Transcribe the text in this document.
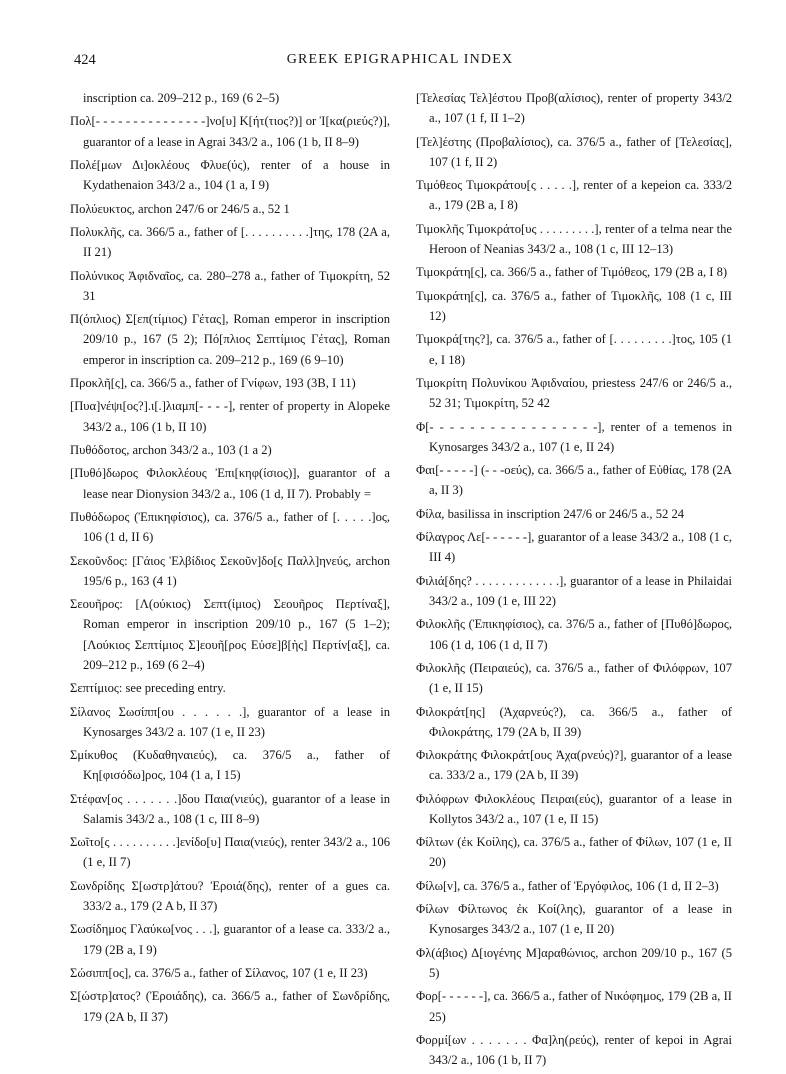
424	GREEK EPIGRAPHICAL INDEX

inscription ca. 209–212 p., 169 (6 2–5)

Πολ[- - - - - - - - - - - - - - -]νο[υ] Κ[ήτ(τιος?)] or Ἰ[κα(ριεύς?)], guarantor of a lease in Agrai 343/2 a., 106 (1 b, II 8–9)

Πολέ[μων Δι]οκλέους Φλυε(ύς), renter of a house in Kydathenaion 343/2 a., 104 (1 a, I 9)

Πολύευκτος, archon 247/6 or 246/5 a., 52 1

Πολυκλῆς, ca. 366/5 a., father of [. . . . . . . . . .]της, 178 (2A a, II 21)

Πολύνικος Ἀφιδναῖος, ca. 280–278 a., father of Τιμοκρίτη, 52 31

Π(όπλιος) Σ[επ(τίμιος) Γέτας], Roman emperor in inscription 209/10 p., 167 (5 2); Πό[πλιος Σεπτίμιος Γέτας], Roman emperor in inscription ca. 209–212 p., 169 (6 9–10)

Προκλῆ[ς], ca. 366/5 a., father of Γνίφων, 193 (3B, I 11)

[Πυα]νέψι[ος?].ι[.]λιαμπ[- - - -], renter of property in Alopeke 343/2 a., 106 (1 b, II 10)

Πυθόδοτος, archon 343/2 a., 103 (1 a 2)

[Πυθό]δωρος Φιλοκλέους Ἐπι[κηφ(ίσιος)], guarantor of a lease near Dionysion 343/2 a., 106 (1 d, II 7). Probably =

Πυθόδωρος (Ἐπικηφίσιος), ca. 376/5 a., father of [. . . . .]ος, 106 (1 d, II 6)

Σεκοῦνδος: [Γάιος Ἑλβίδιος Σεκοῦν]δο[ς Παλλ]ηνεύς, archon 195/6 p., 163 (4 1)

Σεουῆρος: [Λ(ούκιος) Σεπτ(ίμιος) Σεουῆρος Περτίναξ], Roman emperor in inscription 209/10 p., 167 (5 1–2); [Λούκιος Σεπτίμιος Σ]εουῆ[ρος Εὐσε]β[ὴς] Περτίν[αξ], ca. 209–212 p., 169 (6 2–4)

Σεπτίμιος: see preceding entry.

Σίλανος Σωσίππ[ου . . . . . .], guarantor of a lease in Kynosarges 343/2 a. 107 (1 e, II 23)

Σμίκυθος (Κυδαθηναιεύς), ca. 376/5 a., father of Κη[φισόδω]ρος, 104 (1 a, I 15)

Στέφαν[ος . . . . . . .]δου Παια(νιεύς), guarantor of a lease in Salamis 343/2 a., 108 (1 c, III 8–9)

Σωῖτο[ς . . . . . . . . . .]ενίδο[υ] Παια(νιεύς), renter 343/2 a., 106 (1 e, II 7)

Σωνδρίδης Σ[ωστρ]άτου? Ἐροιά(δης), renter of a gues ca. 333/2 a., 179 (2 A b, II 37)

Σωσίδημος Γλαύκω[νος . . .], guarantor of a lease ca. 333/2 a., 179 (2B a, I 9)

Σώσιππ[ος], ca. 376/5 a., father of Σίλανος, 107 (1 e, II 23)

Σ[ώστρ]ατος? (Ἐροιάδης), ca. 366/5 a., father of Σωνδρίδης, 179 (2A b, II 37)

[Τελεσίας Τελ]έστου Προβ(αλίσιος), renter of property 343/2 a., 107 (1 f, II 1–2)

[Τελ]έστης (Προβαλίσιος), ca. 376/5 a., father of [Τελεσίας], 107 (1 f, II 2)

Τιμόθεος Τιμοκράτου[ς . . . . .], renter of a kepeion ca. 333/2 a., 179 (2B a, I 8)

Τιμοκλῆς Τιμοκράτο[υς . . . . . . . . .], renter of a telma near the Heroon of Neanias 343/2 a., 108 (1 c, III 12–13)

Τιμοκράτη[ς], ca. 366/5 a., father of Τιμόθεος, 179 (2B a, I 8)

Τιμοκράτη[ς], ca. 376/5 a., father of Τιμοκλῆς, 108 (1 c, III 12)

Τιμοκρά[της?], ca. 376/5 a., father of [. . . . . . . . .]τος, 105 (1 e, I 18)

Τιμοκρίτη Πολυνίκου Ἀφιδναίου, priestess 247/6 or 246/5 a., 52 31; Τιμοκρίτη, 52 42

Φ[- - - - - - - - - - - - - - - - -], renter of a temenos in Kynosarges 343/2 a., 107 (1 e, II 24)

Φαι[- - - - -] (- - -οεύς), ca. 366/5 a., father of Εὐθίας, 178 (2A a, II 3)

Φίλα, basilissa in inscription 247/6 or 246/5 a., 52 24

Φίλαγρος Λε[- - - - - -], guarantor of a lease 343/2 a., 108 (1 c, III 4)

Φιλιά[δης? . . . . . . . . . . . . .], guarantor of a lease in Philaidai 343/2 a., 109 (1 e, III 22)

Φιλοκλῆς (Ἐπικηφίσιος), ca. 376/5 a., father of [Πυθό]δωρος, 106 (1 d, 106 (1 d, II 7)

Φιλοκλῆς (Πειραιεύς), ca. 376/5 a., father of Φιλόφρων, 107 (1 e, II 15)

Φιλοκράτ[ης] (Ἀχαρνεύς?), ca. 366/5 a., father of Φιλοκράτης, 179 (2A b, II 39)

Φιλοκράτης Φιλοκράτ[ους Ἀχα(ρνεύς)?], guarantor of a lease ca. 333/2 a., 179 (2A b, II 39)

Φιλόφρων Φιλοκλέους Πειραι(εύς), guarantor of a lease in Kollytos 343/2 a., 107 (1 e, II 15)

Φίλτων (ἐκ Κοίλης), ca. 376/5 a., father of Φίλων, 107 (1 e, II 20)

Φίλω[ν], ca. 376/5 a., father of Ἐργόφιλος, 106 (1 d, II 2–3)

Φίλων Φίλτωνος ἐκ Κοί(λης), guarantor of a lease in Kynosarges 343/2 a., 107 (1 e, II 20)

Φλ(άβιος) Δ[ιογένης Μ]αραθώνιος, archon 209/10 p., 167 (5 5)

Φορ[- - - - - -], ca. 366/5 a., father of Νικόφημος, 179 (2B a, II 25)

Φορμί[ων . . . . . . . Φα]λη(ρεύς), renter of kepoi in Agrai 343/2 a., 106 (1 b, II 7)
